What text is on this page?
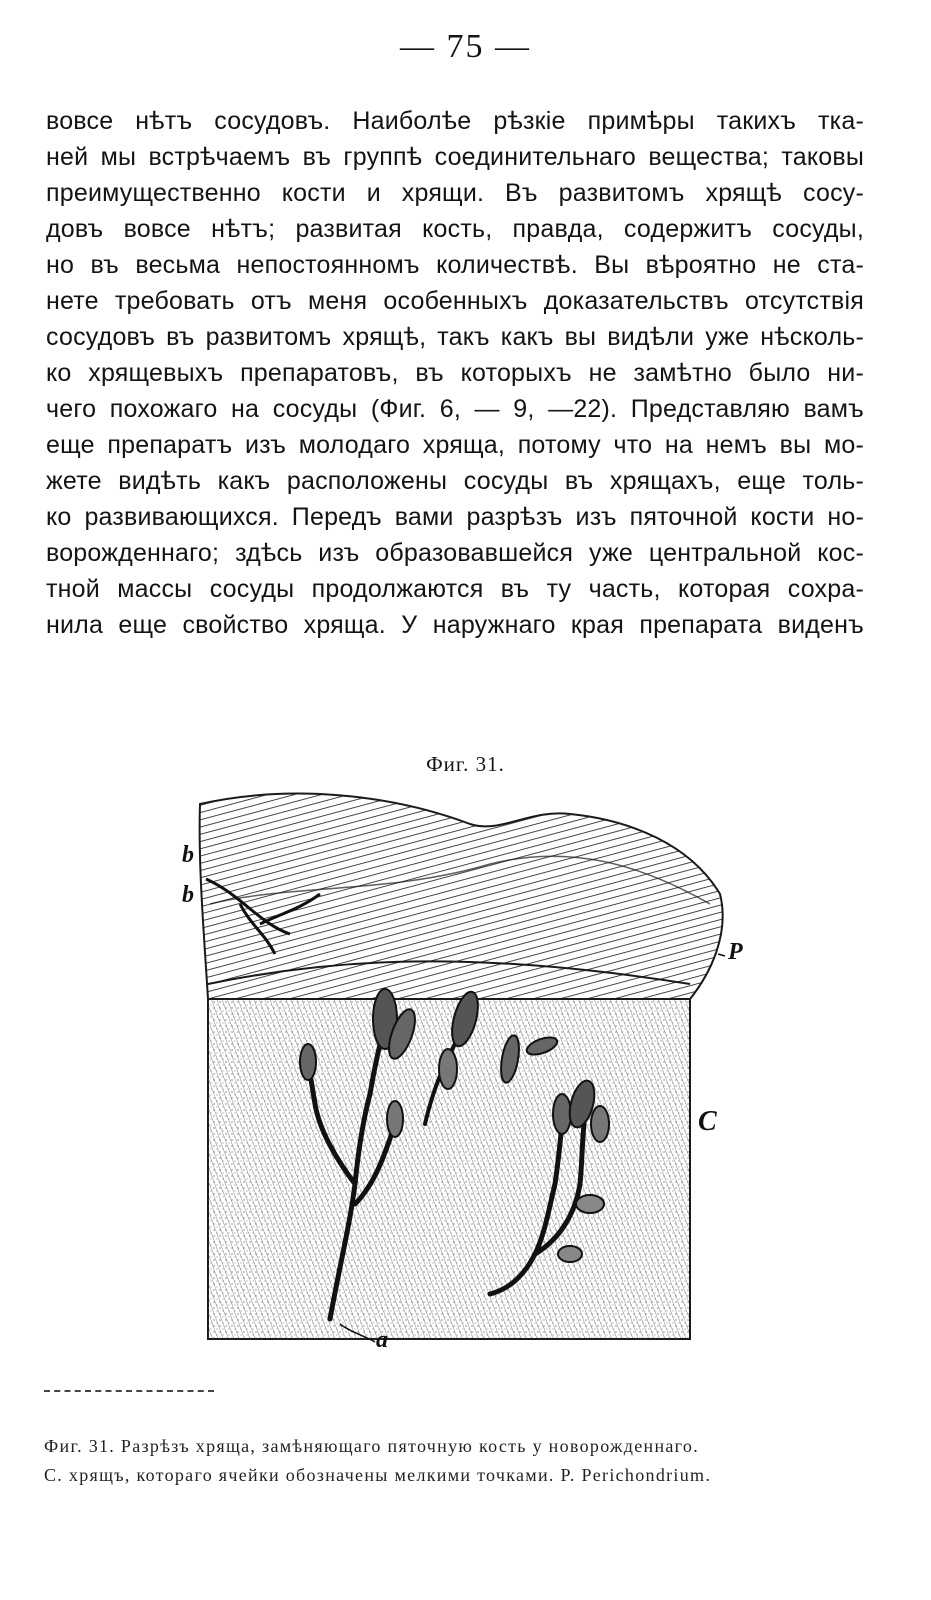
— 75 —
вовсе нѣтъ сосудовъ. Наиболѣе рѣзкіе примѣры такихъ тка-
ней мы встрѣчаемъ въ группѣ соединительнаго вещества; таковы
преимущественно кости и хрящи. Въ развитомъ хрящѣ сосу-
довъ вовсе нѣтъ; развитая кость, правда, содержитъ сосуды,
но въ весьма непостоянномъ количествѣ. Вы вѣроятно не ста-
нете требовать отъ меня особенныхъ доказательствъ отсутствія
сосудовъ въ развитомъ хрящѣ, такъ какъ вы видѣли уже нѣсколь-
ко хрящевыхъ препаратовъ, въ которыхъ не замѣтно было ни-
чего похожаго на сосуды (Фиг. 6, — 9, —22). Представляю вамъ
еще препаратъ изъ молодаго хряща, потому что на немъ вы мо-
жете видѣть какъ расположены сосуды въ хрящахъ, еще толь-
ко развивающихся. Передъ вами разрѣзъ изъ пяточной кости но-
ворожденнаго; здѣсь изъ образовавшейся уже центральной кос-
тной массы сосуды продолжаются въ ту часть, которая сохра-
нила еще свойство хряща. У наружнаго края препарата виденъ
Фиг. 31.
b
b
P
C
a
Фиг. 31. Разрѣзъ хряща, замѣняющаго пяточную кость у новорожденнаго.
C. хрящъ, котораго ячейки обозначены мелкими точками. P. Perichondrium.
